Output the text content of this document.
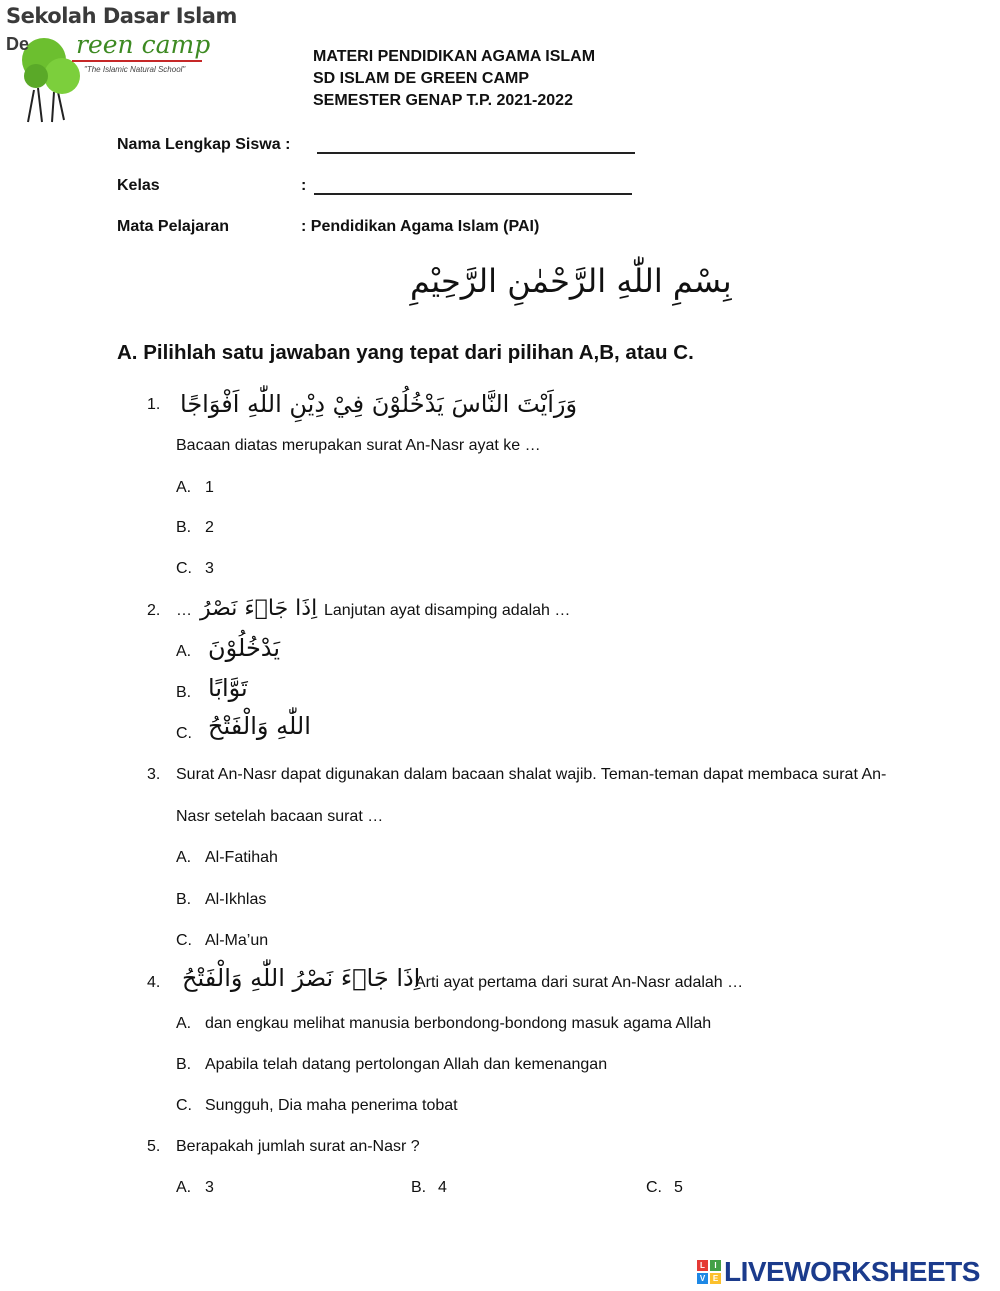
Sekolah Dasar Islam
De reen camp
"The Islamic Natural School"
MATERI PENDIDIKAN AGAMA ISLAM
SD ISLAM DE GREEN CAMP
SEMESTER GENAP T.P. 2021-2022
Nama Lengkap Siswa :
Kelas	:
Mata Pelajaran	: Pendidikan Agama Islam (PAI)
بِسْمِ اللّٰهِ الرَّحْمٰنِ الرَّحِيْمِ
A. Pilihlah satu jawaban yang tepat dari pilihan A,B, atau C.
1. وَرَاَيْتَ النَّاسَ يَدْخُلُوْنَ فِيْ دِيْنِ اللّٰهِ اَفْوَاجًا
Bacaan diatas merupakan surat An-Nasr ayat ke …
A. 1
B. 2
C. 3
2. … اِذَا جَاۤءَ نَصْرُ Lanjutan ayat disamping adalah …
A. يَدْخُلُوْنَ
B. تَوَّابًا
C. اللّٰهِ وَالْفَتْحُ
3. Surat An-Nasr dapat digunakan dalam bacaan shalat wajib. Teman-teman dapat membaca surat An-
Nasr setelah bacaan surat …
A. Al-Fatihah
B. Al-Ikhlas
C. Al-Ma’un
4. اِذَا جَاۤءَ نَصْرُ اللّٰهِ وَالْفَتْحُ
Arti ayat pertama dari surat An-Nasr adalah …
A. dan engkau melihat manusia berbondong-bondong masuk agama Allah
B. Apabila telah datang pertolongan Allah dan kemenangan
C. Sungguh, Dia maha penerima tobat
5. Berapakah jumlah surat an-Nasr ?
A. 3	B. 4	C. 5
L	I
V E LIVEWORKSHEETS
